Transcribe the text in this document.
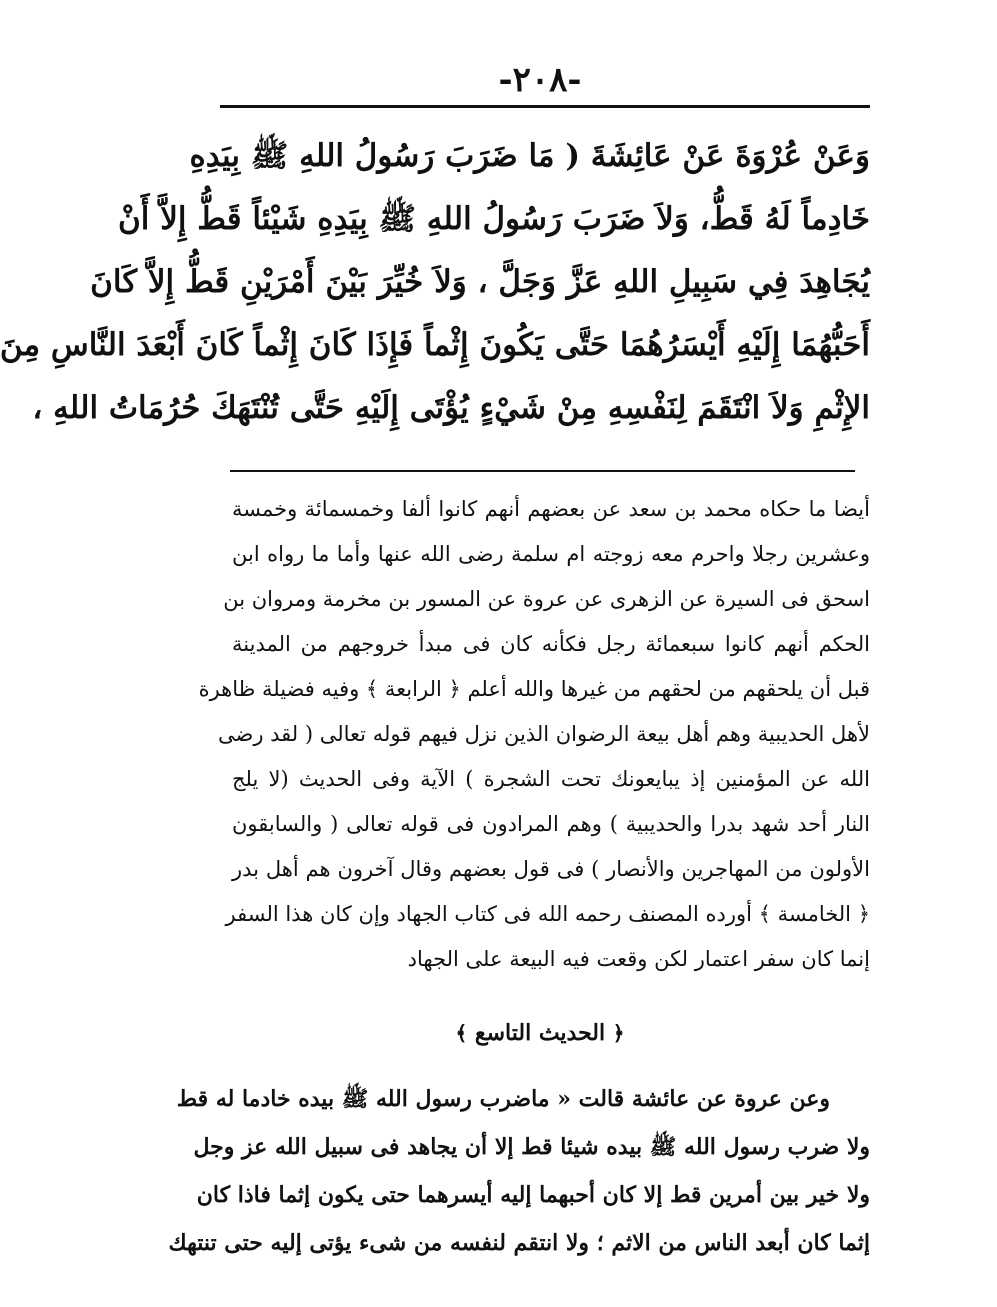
-٢٠٨-
وَعَنْ عُرْوَةَ عَنْ عَائِشَةَ ( مَا ضَرَبَ رَسُولُ اللهِ ﷺ بِيَدِهِ
خَادِماً لَهُ قَطُّ، وَلاَ ضَرَبَ رَسُولُ اللهِ ﷺ بِيَدِهِ شَيْئاً قَطُّ إِلاَّ أَنْ
يُجَاهِدَ فِي سَبِيلِ اللهِ عَزَّ وَجَلَّ ، وَلاَ خُيِّرَ بَيْنَ أَمْرَيْنِ قَطُّ إِلاَّ كَانَ
أَحَبُّهُمَا إِلَيْهِ أَيْسَرُهُمَا حَتَّى يَكُونَ إِثْماً فَإِذَا كَانَ إِثْماً كَانَ أَبْعَدَ النَّاسِ مِنَ
الإِثْمِ وَلاَ انْتَقَمَ لِنَفْسِهِ مِنْ شَيْءٍ يُؤْتَى إِلَيْهِ حَتَّى تُنْتَهَكَ حُرُمَاتُ اللهِ ،
أيضا ما حكاه محمد بن سعد عن بعضهم أنهم كانوا ألفا وخمسمائة وخمسة
وعشرين رجلا واحرم معه زوجته ام سلمة رضى الله عنها وأما ما رواه ابن
اسحق فى السيرة عن الزهرى عن عروة عن المسور بن مخرمة ومروان بن
الحكم أنهم كانوا سبعمائة رجل فكأنه كان فى مبدأ خروجهم من المدينة
قبل أن يلحقهم من لحقهم من غيرها والله أعلم ﴿ الرابعة ﴾ وفيه فضيلة ظاهرة
لأهل الحديبية وهم أهل بيعة الرضوان الذين نزل فيهم قوله تعالى ( لقد رضى
الله عن المؤمنين إذ يبايعونك تحت الشجرة ) الآية وفى الحديث (لا يلج
النار أحد شهد بدرا والحديبية ) وهم المرادون فى قوله تعالى ( والسابقون
الأولون من المهاجرين والأنصار ) فى قول بعضهم وقال آخرون هم أهل بدر
﴿ الخامسة ﴾ أورده المصنف رحمه الله فى كتاب الجهاد وإن كان هذا السفر
إنما كان سفر اعتمار لكن وقعت فيه البيعة على الجهاد
﴿ الحديث التاسع ﴾
وعن عروة عن عائشة قالت « ماضرب رسول الله ﷺ بيده خادما له قط
ولا ضرب رسول الله ﷺ بيده شيئا قط إلا أن يجاهد فى سبيل الله عز وجل
ولا خير بين أمرين قط إلا كان أحبهما إليه أيسرهما حتى يكون إثما فاذا كان
إثما كان أبعد الناس من الاثم ؛ ولا انتقم لنفسه من شىء يؤتى إليه حتى تنتهك
